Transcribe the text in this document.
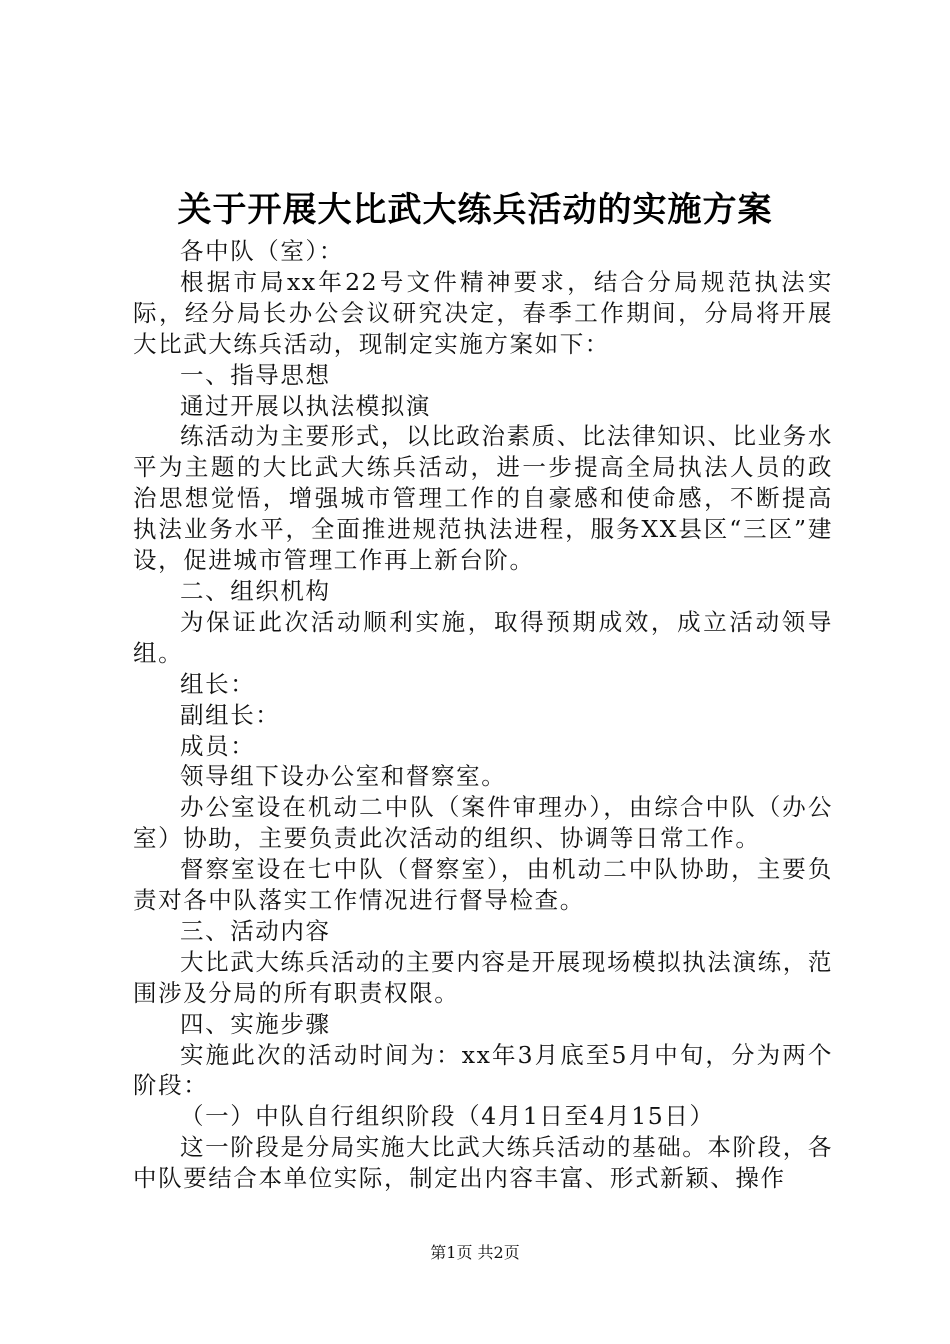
关于开展大比武大练兵活动的实施方案

各中队（室）：

根据市局xx年22号文件精神要求，结合分局规范执法实际，经分局长办公会议研究决定，春季工作期间，分局将开展大比武大练兵活动，现制定实施方案如下：

一、指导思想

通过开展以执法模拟演

练活动为主要形式，以比政治素质、比法律知识、比业务水平为主题的大比武大练兵活动，进一步提高全局执法人员的政治思想觉悟，增强城市管理工作的自豪感和使命感，不断提高执法业务水平，全面推进规范执法进程，服务XX县区“三区”建设，促进城市管理工作再上新台阶。

二、组织机构

为保证此次活动顺利实施，取得预期成效，成立活动领导组。

组长：

副组长：

成员：

领导组下设办公室和督察室。

办公室设在机动二中队（案件审理办），由综合中队（办公室）协助，主要负责此次活动的组织、协调等日常工作。

督察室设在七中队（督察室），由机动二中队协助，主要负责对各中队落实工作情况进行督导检查。

三、活动内容

大比武大练兵活动的主要内容是开展现场模拟执法演练，范围涉及分局的所有职责权限。

四、实施步骤

实施此次的活动时间为：xx年3月底至5月中旬，分为两个阶段：

（一）中队自行组织阶段（4月1日至4月15日）

这一阶段是分局实施大比武大练兵活动的基础。本阶段，各中队要结合本单位实际，制定出内容丰富、形式新颖、操作

第1页 共2页
